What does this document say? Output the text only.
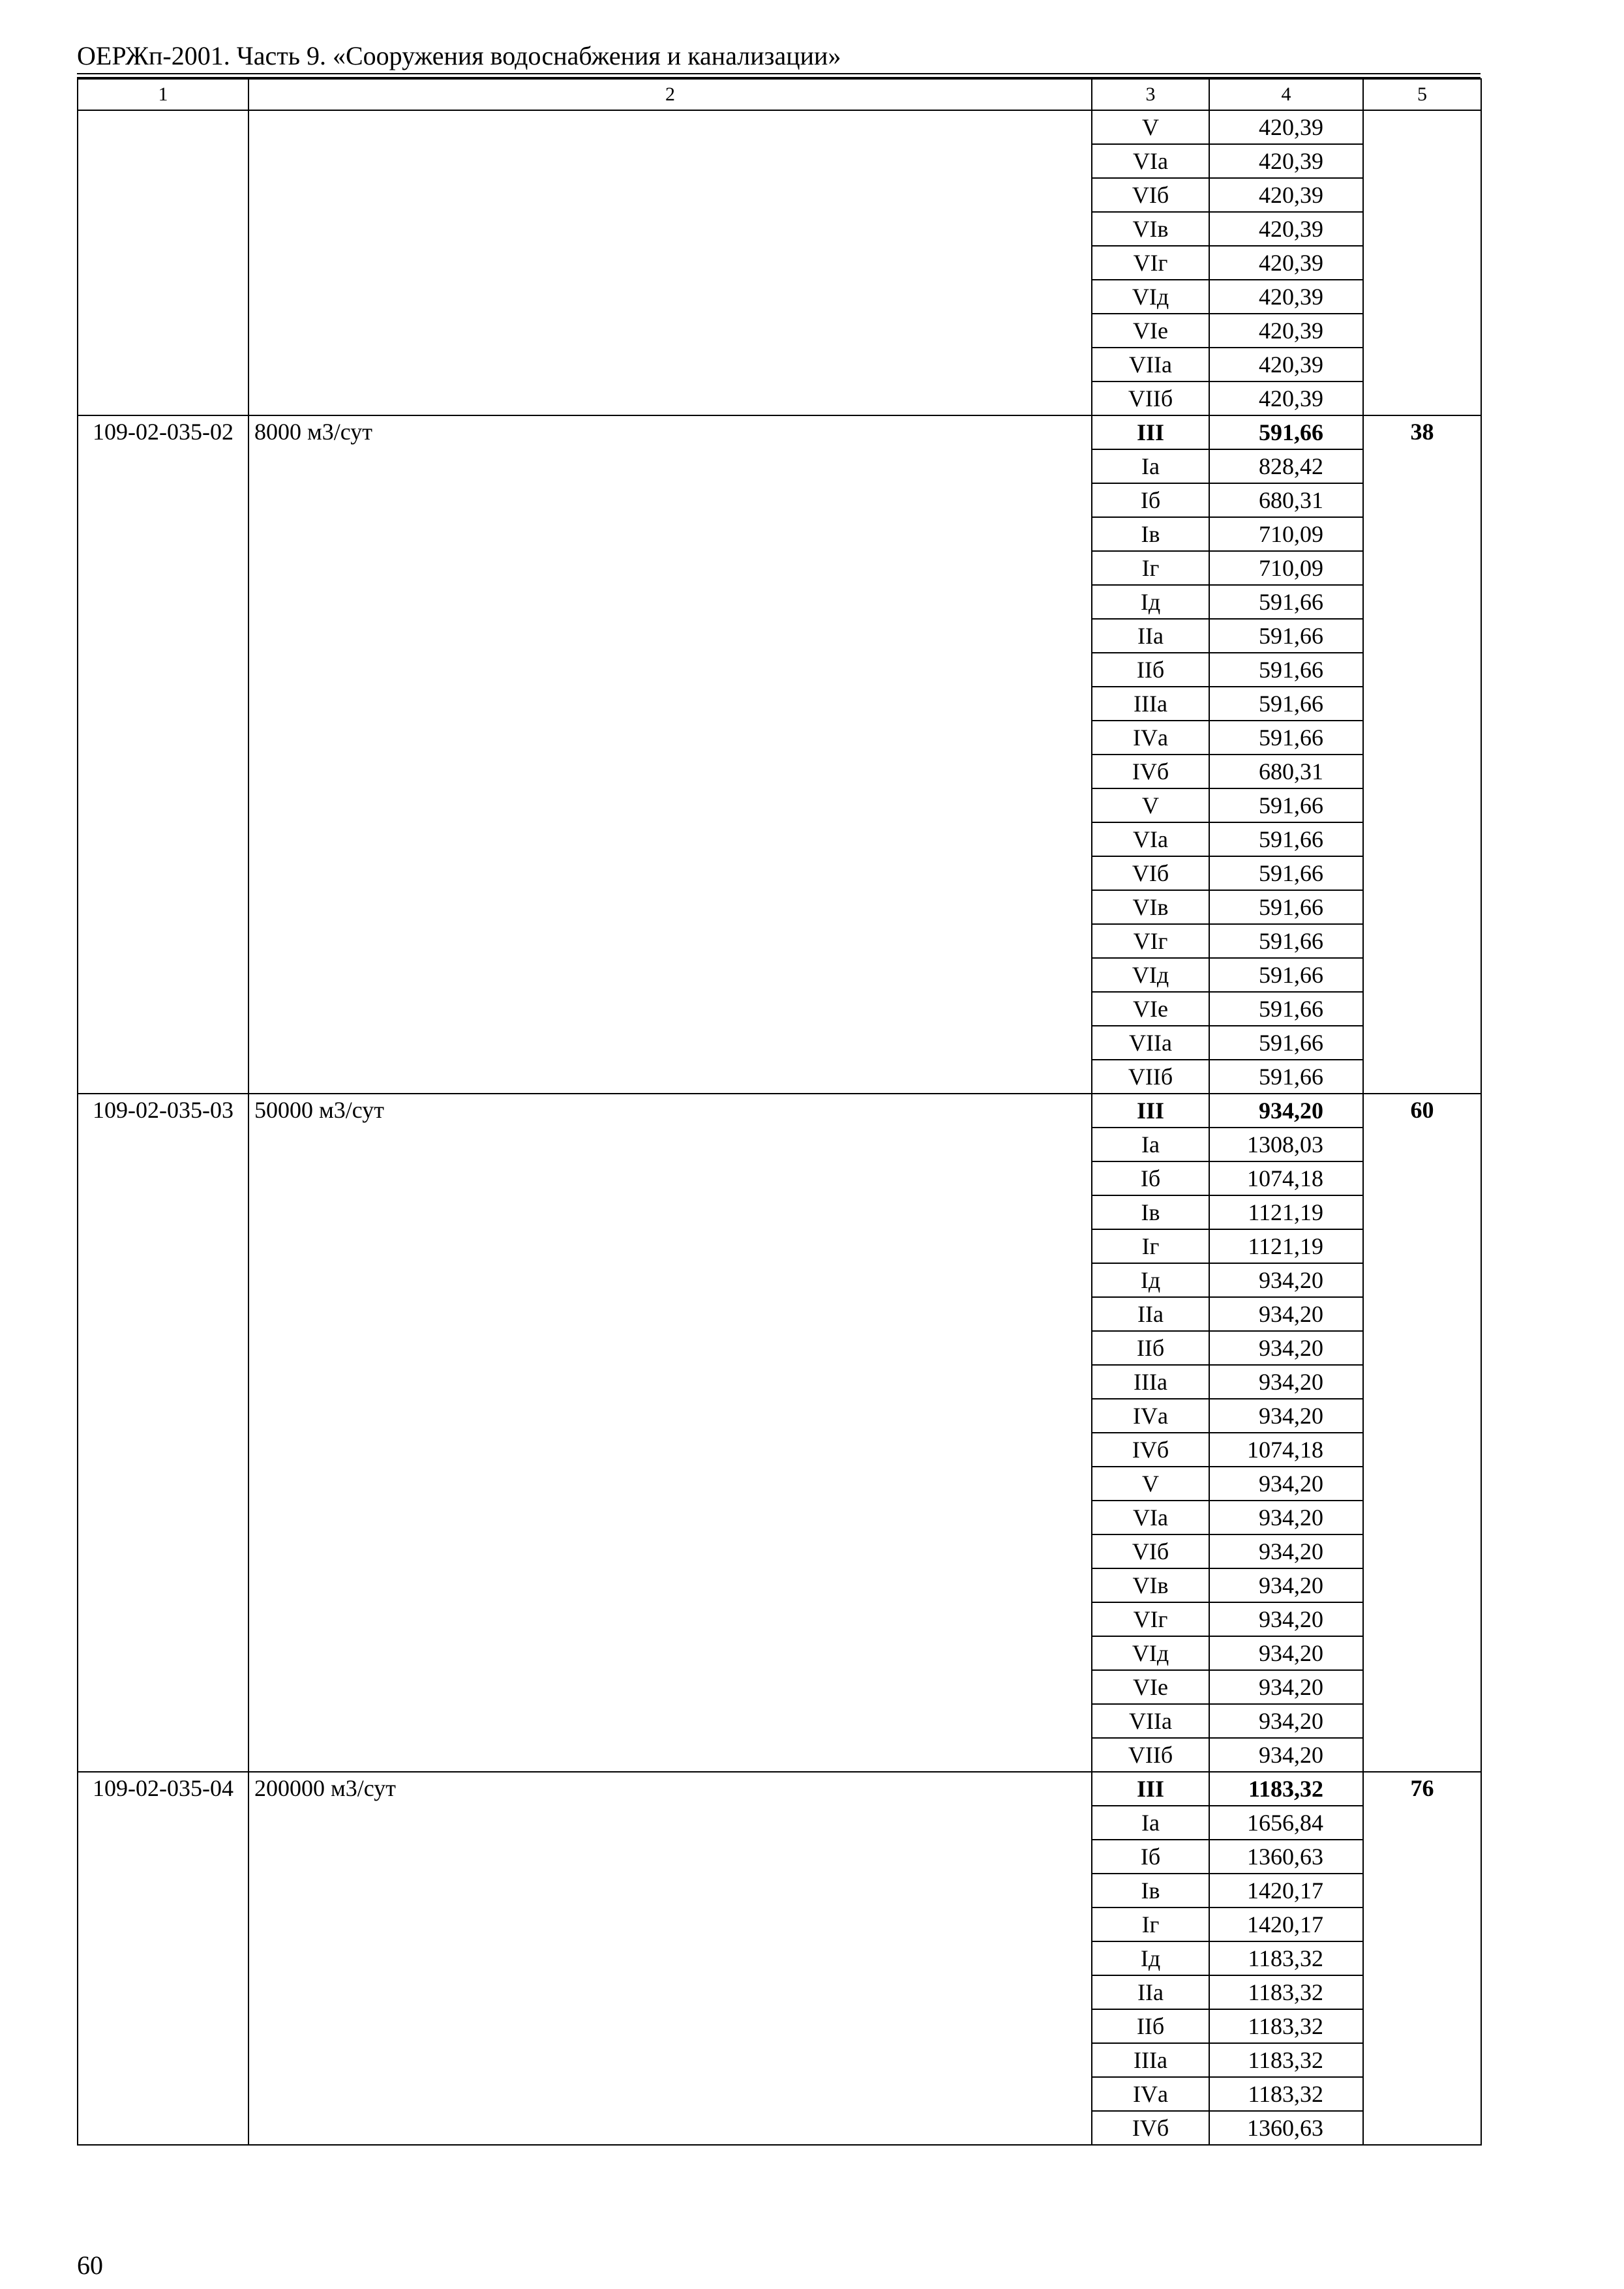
ОЕРЖп-2001. Часть 9. «Сооружения водоснабжения и канализации»
1	2	3	4	5
		V	420,39	
		VIа	420,39	
		VIб	420,39	
		VIв	420,39	
		VIг	420,39	
		VIд	420,39	
		VIе	420,39	
		VIIа	420,39	
		VIIб	420,39	
109-02-035-02	8000 м3/сут	III	591,66	38
		Iа	828,42	
		Iб	680,31	
		Iв	710,09	
		Iг	710,09	
		Iд	591,66	
		IIа	591,66	
		IIб	591,66	
		IIIа	591,66	
		IVа	591,66	
		IVб	680,31	
		V	591,66	
		VIа	591,66	
		VIб	591,66	
		VIв	591,66	
		VIг	591,66	
		VIд	591,66	
		VIе	591,66	
		VIIа	591,66	
		VIIб	591,66	
109-02-035-03	50000 м3/сут	III	934,20	60
		Iа	1308,03	
		Iб	1074,18	
		Iв	1121,19	
		Iг	1121,19	
		Iд	934,20	
		IIа	934,20	
		IIб	934,20	
		IIIа	934,20	
		IVа	934,20	
		IVб	1074,18	
		V	934,20	
		VIа	934,20	
		VIб	934,20	
		VIв	934,20	
		VIг	934,20	
		VIд	934,20	
		VIе	934,20	
		VIIа	934,20	
		VIIб	934,20	
109-02-035-04	200000 м3/сут	III	1183,32	76
		Iа	1656,84	
		Iб	1360,63	
		Iв	1420,17	
		Iг	1420,17	
		Iд	1183,32	
		IIа	1183,32	
		IIб	1183,32	
		IIIа	1183,32	
		IVа	1183,32	
		IVб	1360,63	
60
